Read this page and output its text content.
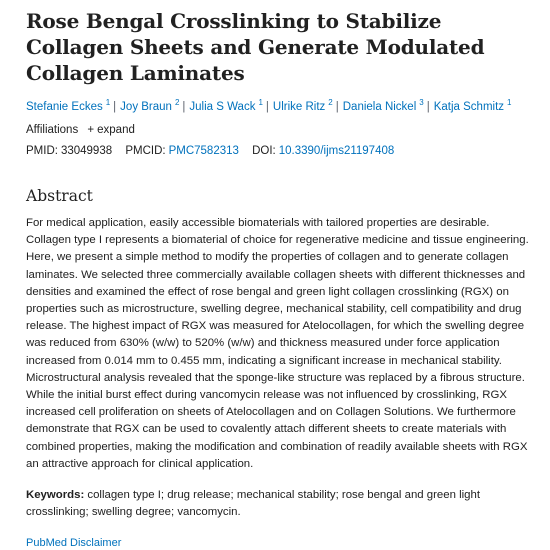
Rose Bengal Crosslinking to Stabilize Collagen Sheets and Generate Modulated Collagen Laminates
Stefanie Eckes $^1$ | Joy Braun $^2$ | Julia S Wack $^1$ | Ulrike Ritz $^2$ | Daniela Nickel $^3$ | Katja Schmitz $^1$
Affiliations + expand
PMID: 33049938 PMCID: PMC7582313 DOI: 10.3390/ijms21197408
Abstract
For medical application, easily accessible biomaterials with tailored properties are desirable. Collagen type I represents a biomaterial of choice for regenerative medicine and tissue engineering. Here, we present a simple method to modify the properties of collagen and to generate collagen laminates. We selected three commercially available collagen sheets with different thicknesses and densities and examined the effect of rose bengal and green light collagen crosslinking (RGX) on properties such as microstructure, swelling degree, mechanical stability, cell compatibility and drug release. The highest impact of RGX was measured for Atelocollagen, for which the swelling degree was reduced from 630% (w/w) to 520% (w/w) and thickness measured under force application increased from 0.014 mm to 0.455 mm, indicating a significant increase in mechanical stability. Microstructural analysis revealed that the sponge-like structure was replaced by a fibrous structure. While the initial burst effect during vancomycin release was not influenced by crosslinking, RGX increased cell proliferation on sheets of Atelocollagen and on Collagen Solutions. We furthermore demonstrate that RGX can be used to covalently attach different sheets to create materials with combined properties, making the modification and combination of readily available sheets with RGX an attractive approach for clinical application.
Keywords: collagen type I; drug release; mechanical stability; rose bengal and green light crosslinking; swelling degree; vancomycin.
PubMed Disclaimer
